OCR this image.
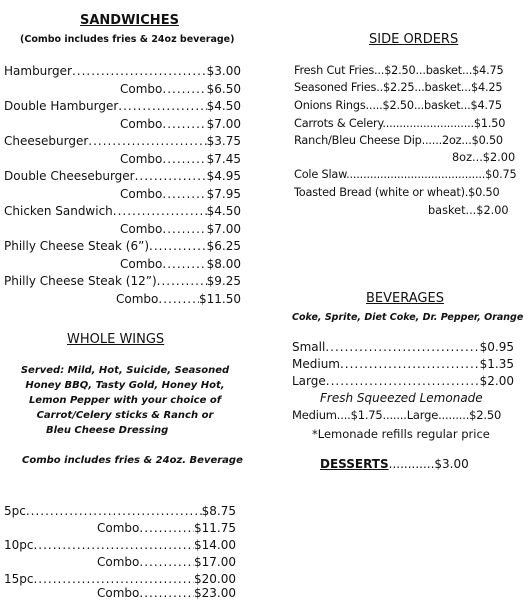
SANDWICHES
(Combo includes fries & 24oz beverage)
Hamburger .....	$3.00
Combo .....	$6.50
Double Hamburger .....	$4.50
Combo .....	$7.00
Cheeseburger .....	$3.75
Combo .....	$7.45
Double Cheeseburger .....	$4.95
Combo .....	$7.95
Chicken Sandwich .....	$4.50
Combo .....	$7.00
Philly Cheese Steak (6”) .....	$6.25
Combo .....	$8.00
Philly Cheese Steak (12”) .....	$9.25
Combo .....	$11.50
WHOLE WINGS
Served: Mild, Hot, Suicide, Seasoned
Honey BBQ, Tasty Gold, Honey Hot,
Lemon Pepper with your choice of
Carrot/Celery sticks & Ranch or
Bleu Cheese Dressing
Combo includes fries & 24oz. Beverage
5pc .....	$8.75
Combo .....	$11.75
10pc .....	$14.00
Combo .....	$17.00
15pc .....	$20.00
Combo .....	$23.00
SIDE ORDERS
Fresh Cut Fries...$2.50...basket...$4.75
Seasoned Fries..$2.25...basket...$4.25
Onions Rings.....$2.50...basket...$4.75
Carrots & Celery...........................$1.50
Ranch/Bleu Cheese Dip......2oz...$0.50
8oz...$2.00
Cole Slaw.........................................$0.75
Toasted Bread (white or wheat).$0.50
basket...$2.00
BEVERAGES
Coke, Sprite, Diet Coke, Dr. Pepper, Orange
Small .....	$0.95
Medium .....	$1.35
Large .....	$2.00
Fresh Squeezed Lemonade
Medium....$1.75.......Large.........$2.50
*Lemonade refills regular price
DESSERTS............$3.00
